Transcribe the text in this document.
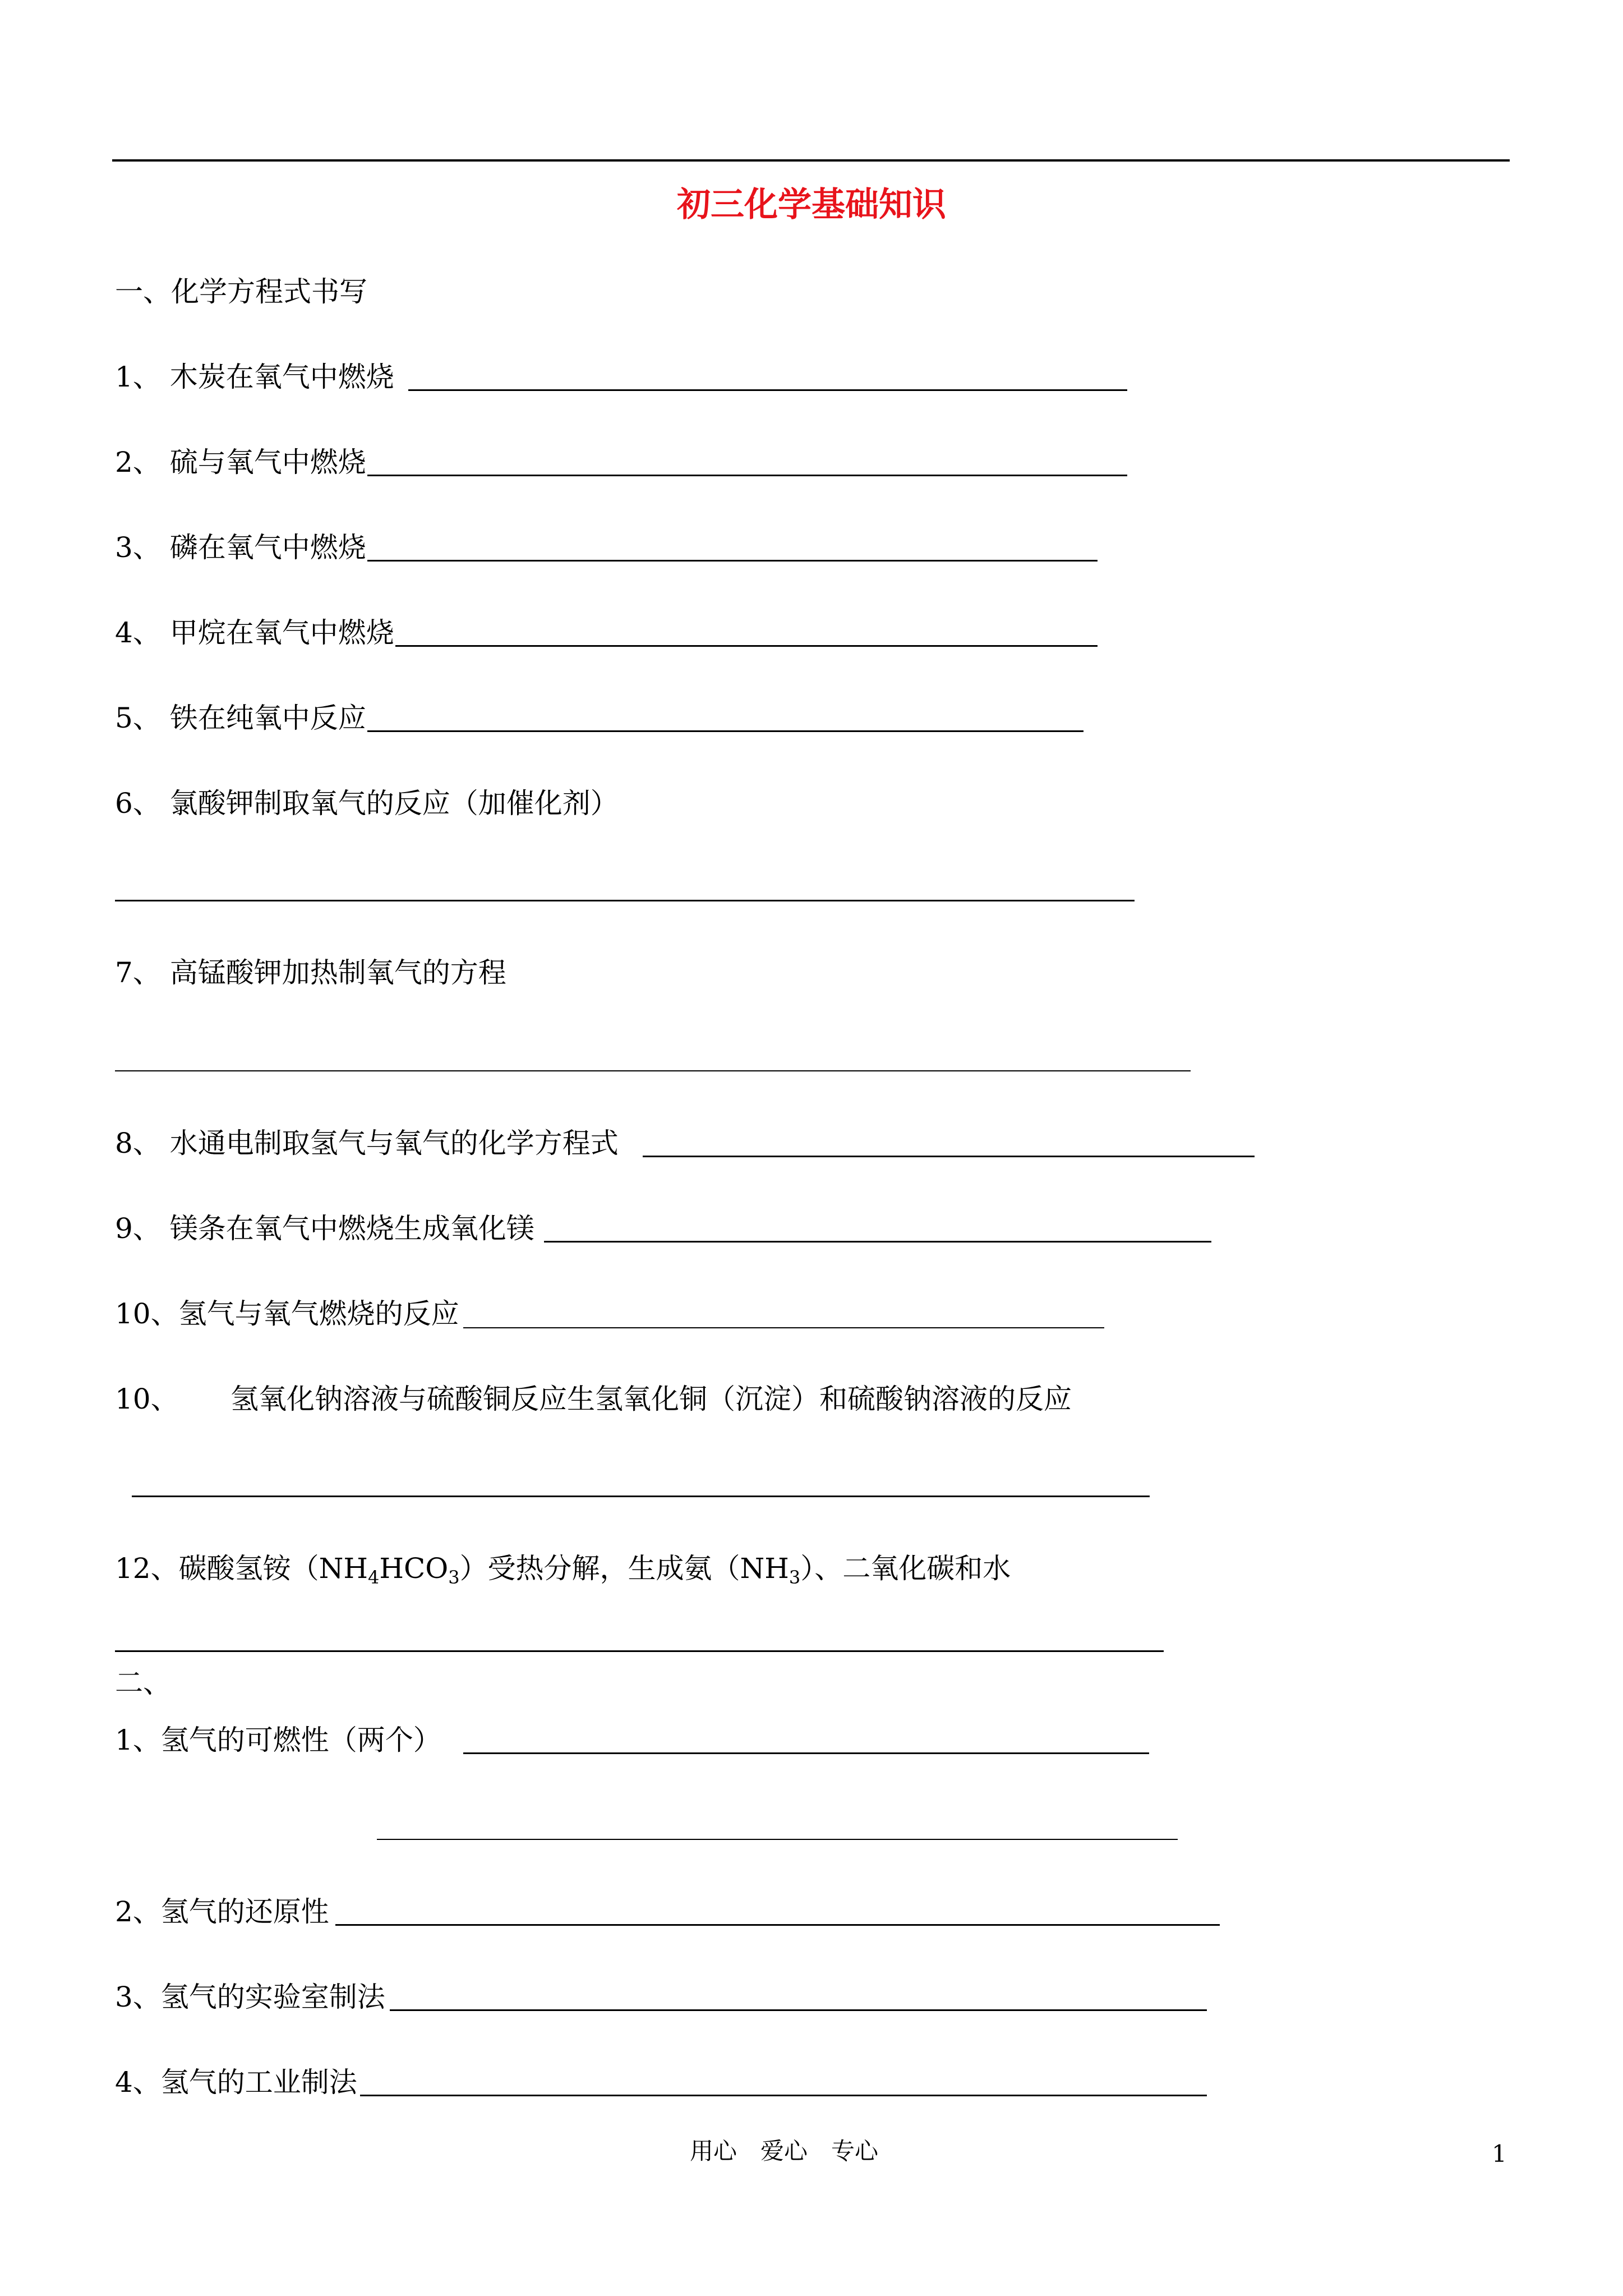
初三化学基础知识
一、化学方程式书写
1、 木炭在氧气中燃烧
2、 硫与氧气中燃烧
3、 磷在氧气中燃烧
4、 甲烷在氧气中燃烧
5、 铁在纯氧中反应
6、 氯酸钾制取氧气的反应（加催化剂）
7、 高锰酸钾加热制氧气的方程
8、 水通电制取氢气与氧气的化学方程式
9、 镁条在氧气中燃烧生成氧化镁
10、氢气与氧气燃烧的反应
10、 氢氧化钠溶液与硫酸铜反应生氢氧化铜（沉淀）和硫酸钠溶液的反应
12、碳酸氢铵$(NH_4HCO_3)$受热分解，生成氨$(NH_3)$、二氧化碳和水
二、
1、氢气的可燃性（两个）
2、氢气的还原性
3、氢气的实验室制法
4、氢气的工业制法
用心　爱心　专心	1
